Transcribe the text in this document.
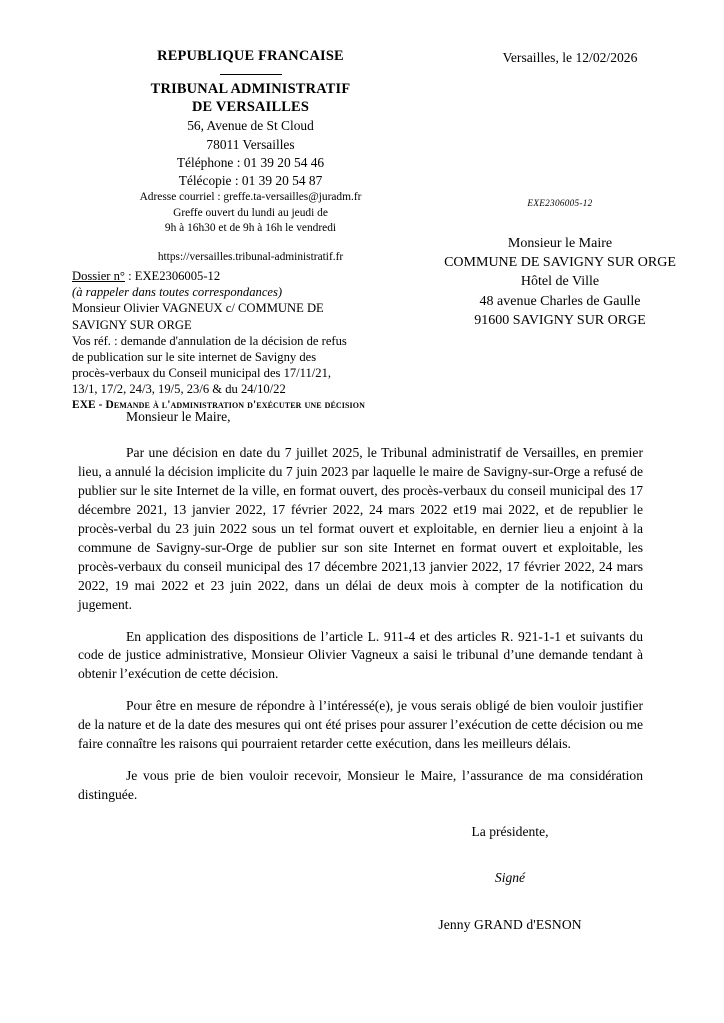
REPUBLIQUE FRANCAISE
TRIBUNAL ADMINISTRATIF
DE VERSAILLES
56, Avenue de St Cloud
78011 Versailles
Téléphone : 01 39 20 54 46
Télécopie : 01 39 20 54 87
Adresse courriel : greffe.ta-versailles@juradm.fr
Greffe ouvert du lundi au jeudi de
9h à 16h30 et de 9h à 16h le vendredi
https://versailles.tribunal-administratif.fr
Versailles, le 12/02/2026
EXE2306005-12
Monsieur le Maire
COMMUNE DE SAVIGNY SUR ORGE
Hôtel de Ville
48 avenue Charles de Gaulle
91600 SAVIGNY SUR ORGE
Dossier n° : EXE2306005-12
(à rappeler dans toutes correspondances)
Monsieur Olivier VAGNEUX c/ COMMUNE DE
SAVIGNY SUR ORGE
Vos réf. : demande d'annulation de la décision de refus
de publication sur le site internet de Savigny des
procès-verbaux du Conseil municipal des 17/11/21,
13/1, 17/2, 24/3, 19/5, 23/6 & du 24/10/22
EXE - Demande à l'administration d'exécuter une décision

Monsieur le Maire,

Par une décision en date du 7 juillet 2025, le Tribunal administratif de Versailles, en premier lieu, a annulé la décision implicite du 7 juin 2023 par laquelle le maire de Savigny-sur-Orge a refusé de publier sur le site Internet de la ville, en format ouvert, des procès-verbaux du conseil municipal des 17 décembre 2021, 13 janvier 2022, 17 février 2022, 24 mars 2022 et19 mai 2022, et de republier le procès-verbal du 23 juin 2022 sous un tel format ouvert et exploitable, en dernier lieu a enjoint à la commune de Savigny-sur-Orge de publier sur son site Internet en format ouvert et exploitable, les procès-verbaux du conseil municipal des 17 décembre 2021,13 janvier 2022, 17 février 2022, 24 mars 2022, 19 mai 2022 et 23 juin 2022, dans un délai de deux mois à compter de la notification du jugement.

En application des dispositions de l’article L. 911-4 et des articles R. 921-1-1 et suivants du code de justice administrative, Monsieur Olivier Vagneux a saisi le tribunal d’une demande tendant à obtenir l’exécution de cette décision.

Pour être en mesure de répondre à l’intéressé(e), je vous serais obligé de bien vouloir justifier de la nature et de la date des mesures qui ont été prises pour assurer l’exécution de cette décision ou me faire connaître les raisons qui pourraient retarder cette exécution, dans les meilleurs délais.

Je vous prie de bien vouloir recevoir, Monsieur le Maire, l’assurance de ma considération distinguée.

La présidente,
Signé
Jenny GRAND d'ESNON
